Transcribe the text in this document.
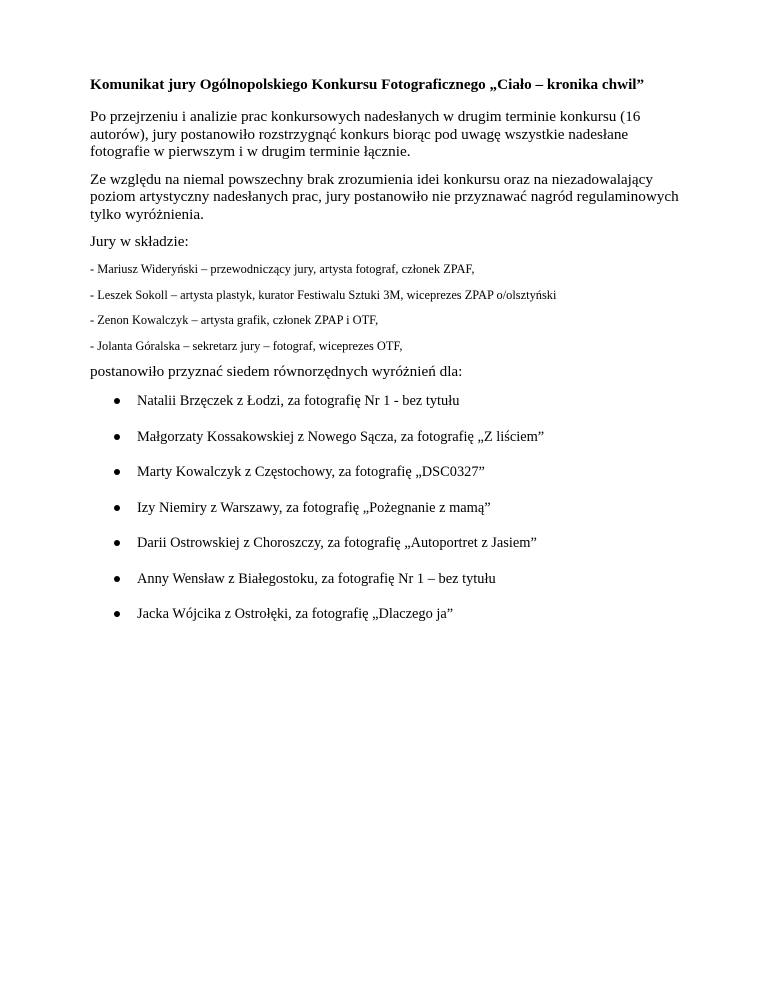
Komunikat jury Ogólnopolskiego Konkursu Fotograficznego „Ciało – kronika chwil”
Po przejrzeniu i analizie prac konkursowych nadesłanych w drugim terminie konkursu (16 autorów), jury postanowiło rozstrzygnąć konkurs biorąc pod uwagę wszystkie nadesłane fotografie w pierwszym i w drugim terminie łącznie.
Ze względu na niemal powszechny brak zrozumienia idei konkursu oraz na niezadowalający poziom artystyczny nadesłanych prac, jury postanowiło nie przyznawać nagród regulaminowych tylko wyróżnienia.
Jury w składzie:
- Mariusz Wideryński – przewodniczący jury, artysta fotograf, członek ZPAF,
- Leszek Sokoll – artysta plastyk, kurator Festiwalu Sztuki 3M, wiceprezes ZPAP o/olsztyński
- Zenon Kowalczyk – artysta grafik, członek ZPAP i OTF,
- Jolanta Góralska – sekretarz jury – fotograf, wiceprezes OTF,
postanowiło przyznać siedem równorzędnych wyróżnień dla:
Natalii Brzęczek z Łodzi, za fotografię Nr 1 - bez tytułu
Małgorzaty Kossakowskiej z Nowego Sącza, za fotografię „Z liściem”
Marty Kowalczyk z Częstochowy, za fotografię „DSC0327”
Izy Niemiry z Warszawy, za fotografię „Pożegnanie z mamą”
Darii Ostrowskiej z Choroszczy, za fotografię „Autoportret z Jasiem”
Anny Wensław z Białegostoku, za fotografię Nr 1 – bez tytułu
Jacka Wójcika z Ostrołęki, za fotografię „Dlaczego ja”
